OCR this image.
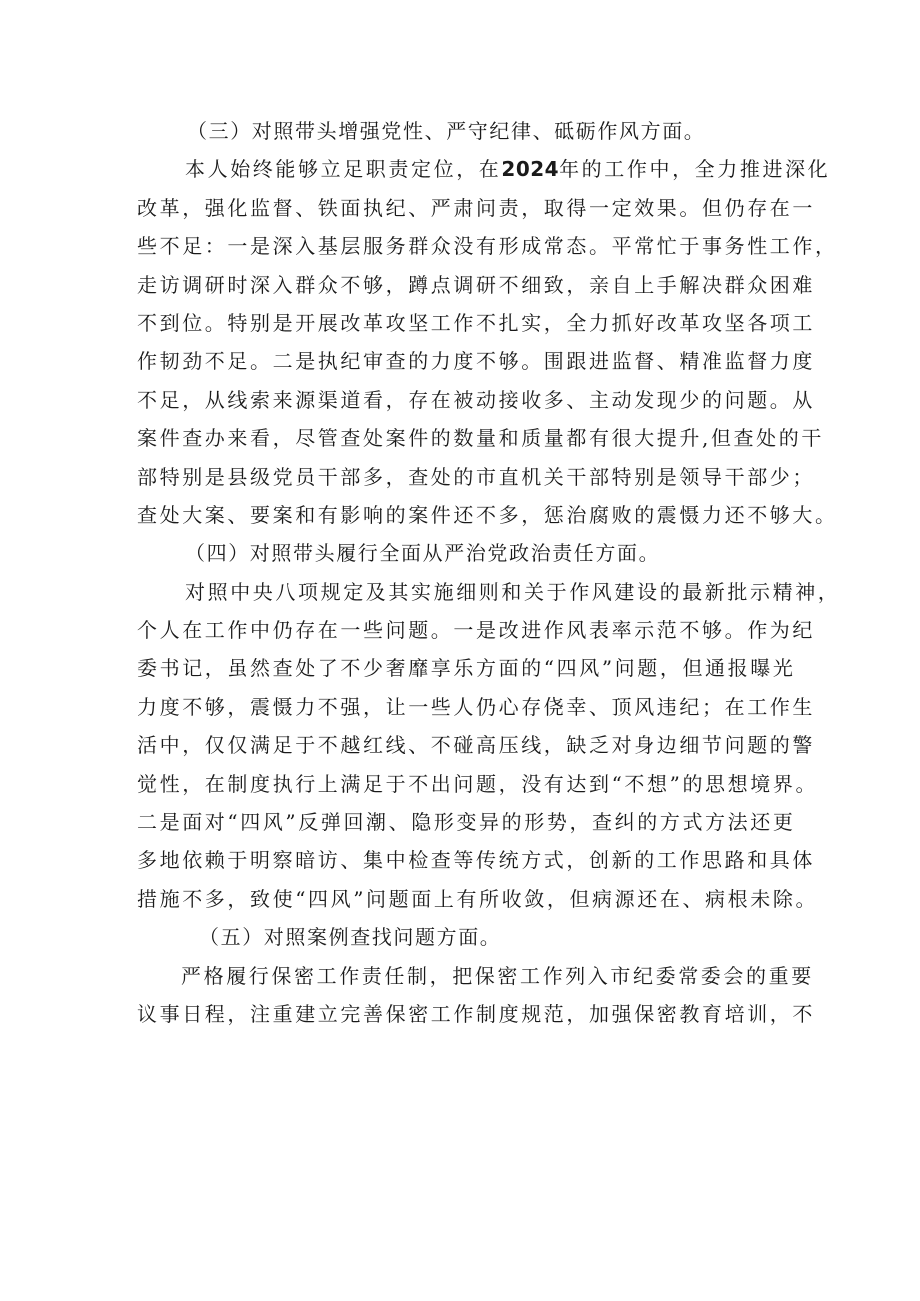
（三）对照带头增强党性、严守纪律、砥砺作风方面。
本人始终能够立足职责定位，在2024年的工作中，全力推进深化
改革，强化监督、铁面执纪、严肃问责，取得一定效果。但仍存在一
些不足：一是深入基层服务群众没有形成常态。平常忙于事务性工作，
走访调研时深入群众不够，蹲点调研不细致，亲自上手解决群众困难
不到位。特别是开展改革攻坚工作不扎实，全力抓好改革攻坚各项工
作韧劲不足。二是执纪审查的力度不够。围跟进监督、精准监督力度
不足，从线索来源渠道看，存在被动接收多、主动发现少的问题。从
案件查办来看，尽管查处案件的数量和质量都有很大提升,但查处的干
部特别是县级党员干部多，查处的市直机关干部特别是领导干部少；
查处大案、要案和有影响的案件还不多，惩治腐败的震慑力还不够大。
（四）对照带头履行全面从严治党政治责任方面。
对照中央八项规定及其实施细则和关于作风建设的最新批示精神，
个人在工作中仍存在一些问题。一是改进作风表率示范不够。作为纪
委书记，虽然查处了不少奢靡享乐方面的“四风”问题，但通报曝光
力度不够，震慑力不强，让一些人仍心存侥幸、顶风违纪；在工作生
活中，仅仅满足于不越红线、不碰高压线，缺乏对身边细节问题的警
觉性，在制度执行上满足于不出问题，没有达到“不想”的思想境界。
二是面对“四风”反弹回潮、隐形变异的形势，查纠的方式方法还更
多地依赖于明察暗访、集中检查等传统方式，创新的工作思路和具体
措施不多，致使“四风”问题面上有所收敛，但病源还在、病根未除。
（五）对照案例查找问题方面。
严格履行保密工作责任制，把保密工作列入市纪委常委会的重要
议事日程，注重建立完善保密工作制度规范，加强保密教育培训，不
